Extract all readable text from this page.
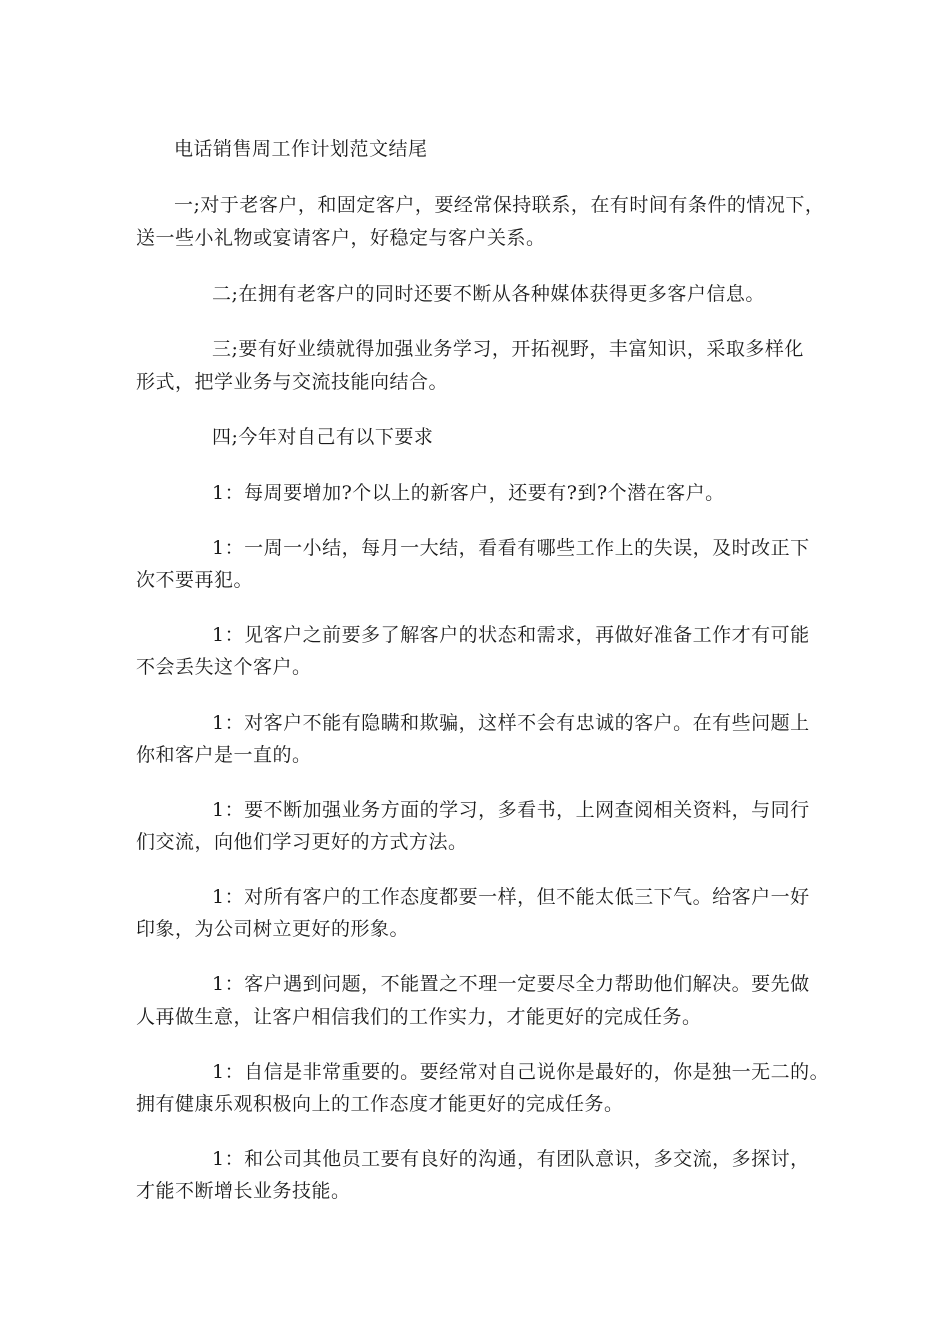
电话销售周工作计划范文结尾
一;对于老客户，和固定客户，要经常保持联系，在有时间有条件的情况下，
送一些小礼物或宴请客户，好稳定与客户关系。
二;在拥有老客户的同时还要不断从各种媒体获得更多客户信息。
三;要有好业绩就得加强业务学习，开拓视野，丰富知识，采取多样化
形式，把学业务与交流技能向结合。
四;今年对自己有以下要求
1：每周要增加?个以上的新客户，还要有?到?个潜在客户。
1：一周一小结，每月一大结，看看有哪些工作上的失误，及时改正下
次不要再犯。
1：见客户之前要多了解客户的状态和需求，再做好准备工作才有可能
不会丢失这个客户。
1：对客户不能有隐瞒和欺骗，这样不会有忠诚的客户。在有些问题上
你和客户是一直的。
1：要不断加强业务方面的学习，多看书，上网查阅相关资料，与同行
们交流，向他们学习更好的方式方法。
1：对所有客户的工作态度都要一样，但不能太低三下气。给客户一好
印象，为公司树立更好的形象。
1：客户遇到问题，不能置之不理一定要尽全力帮助他们解决。要先做
人再做生意，让客户相信我们的工作实力，才能更好的完成任务。
1：自信是非常重要的。要经常对自己说你是最好的，你是独一无二的。
拥有健康乐观积极向上的工作态度才能更好的完成任务。
1：和公司其他员工要有良好的沟通，有团队意识，多交流，多探讨，
才能不断增长业务技能。
